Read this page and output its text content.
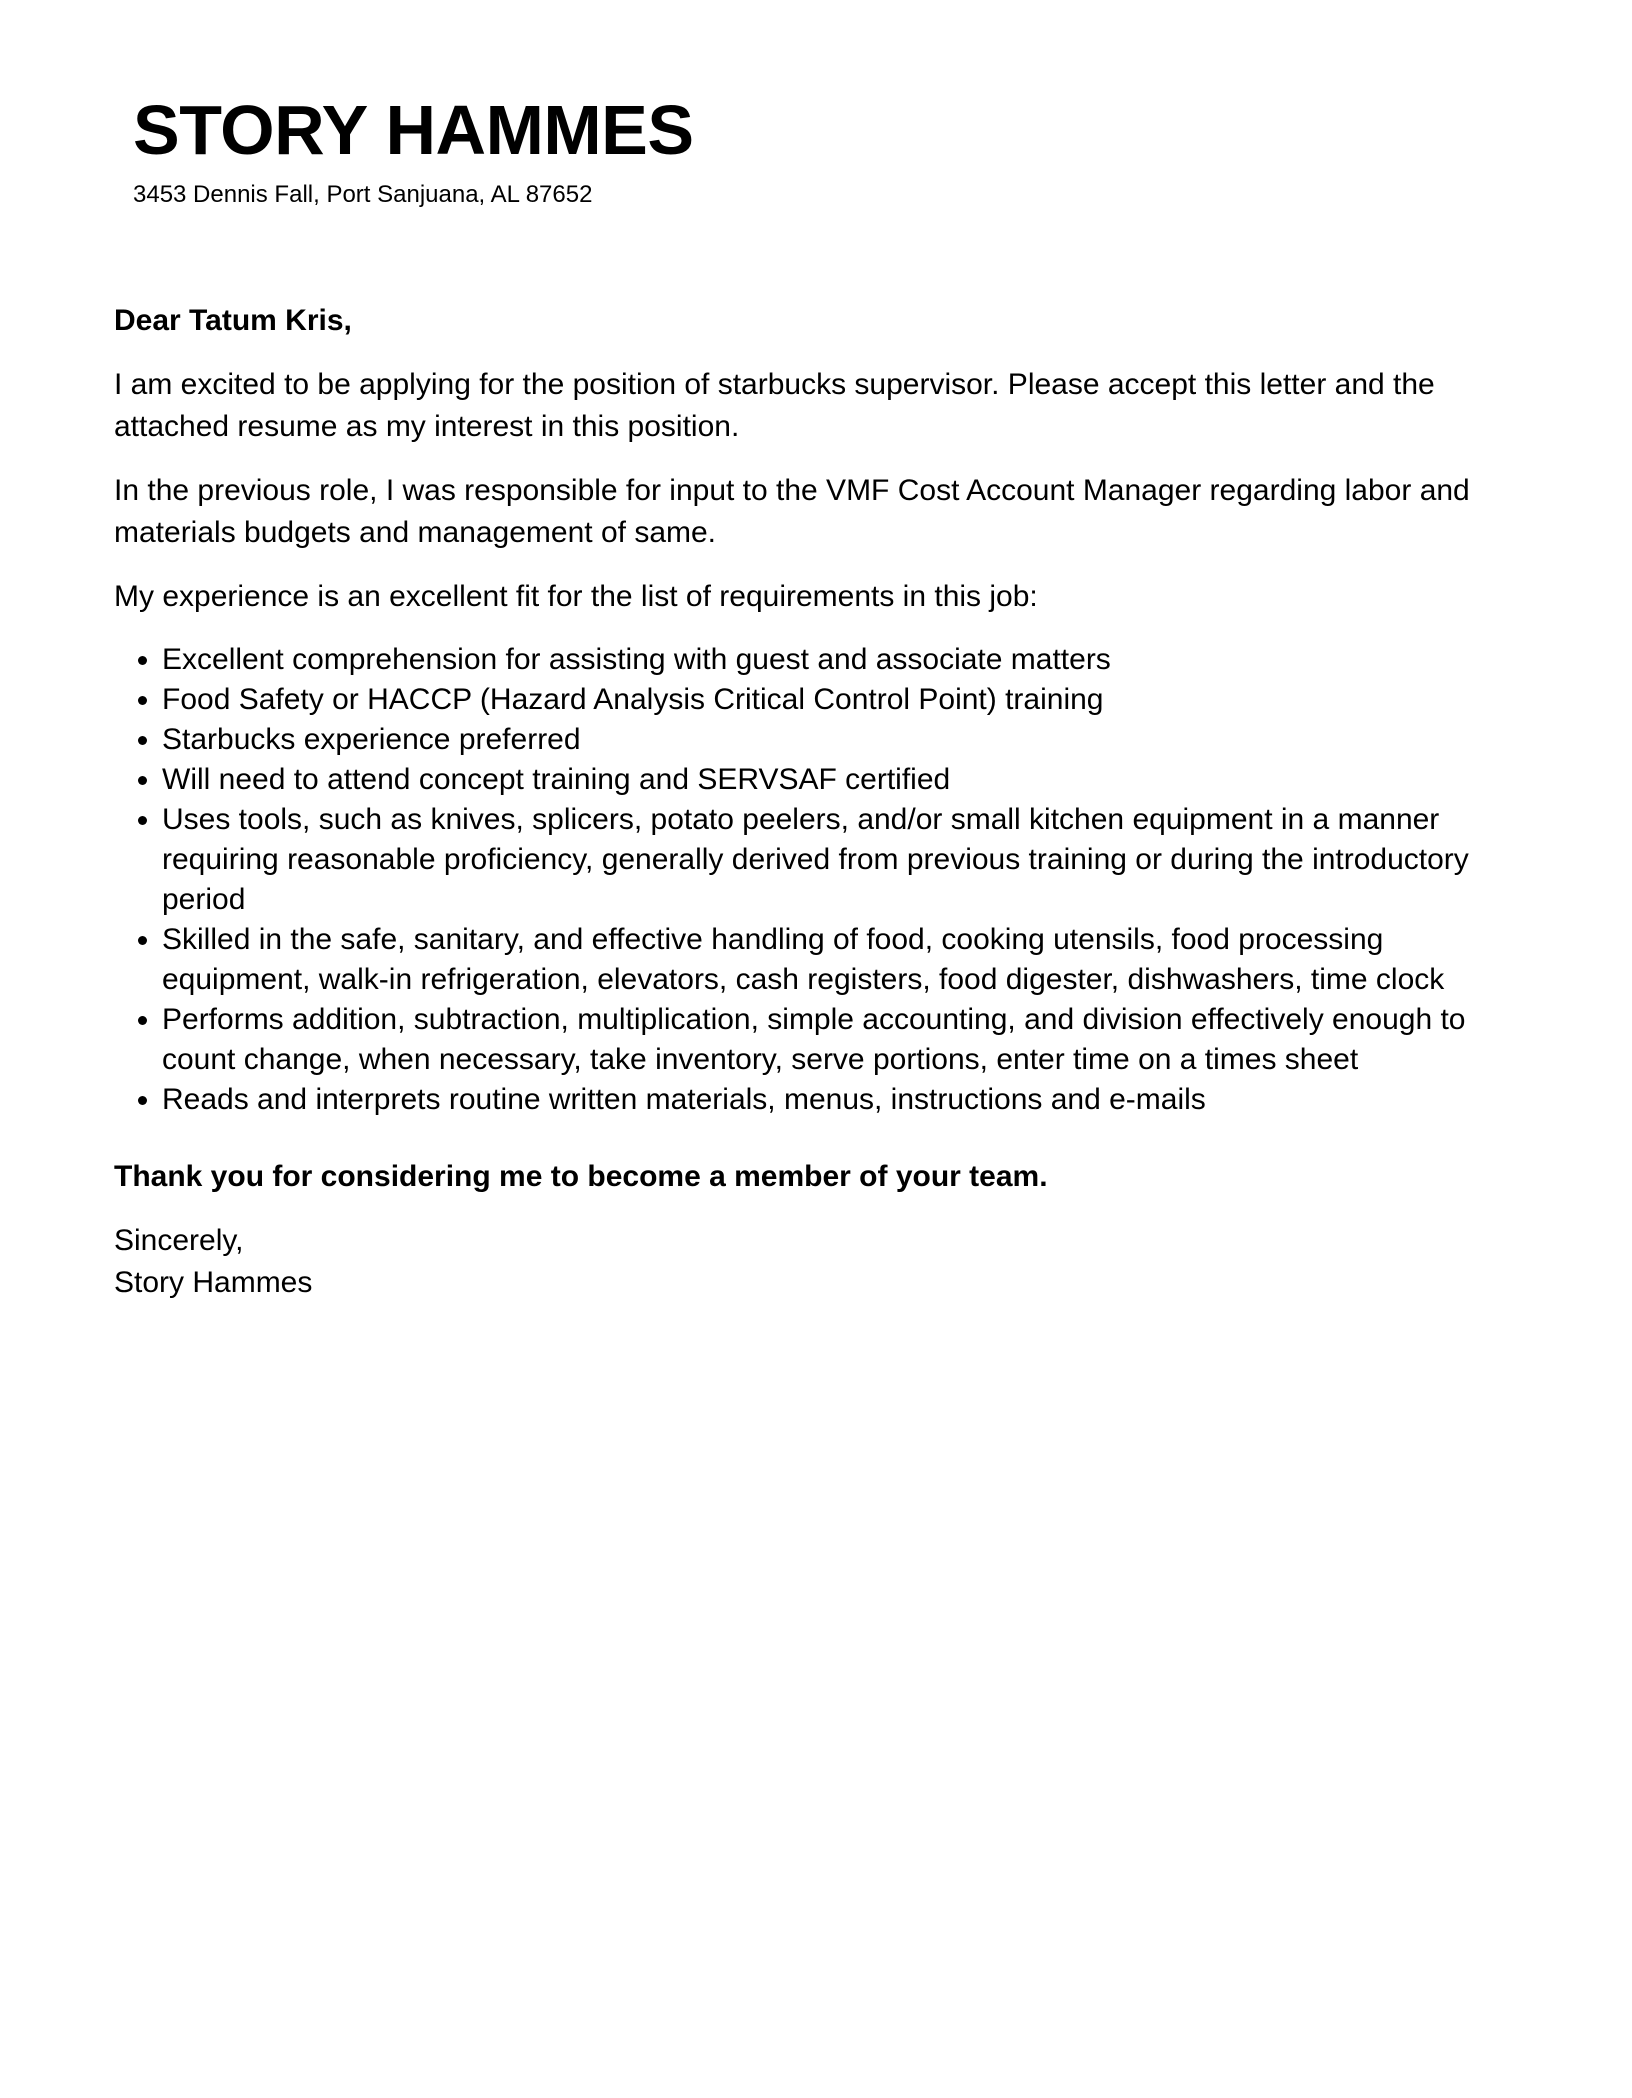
STORY HAMMES
3453 Dennis Fall, Port Sanjuana, AL 87652

Dear Tatum Kris,

I am excited to be applying for the position of starbucks supervisor. Please accept this letter and the attached resume as my interest in this position.

In the previous role, I was responsible for input to the VMF Cost Account Manager regarding labor and materials budgets and management of same.

My experience is an excellent fit for the list of requirements in this job:

• Excellent comprehension for assisting with guest and associate matters
• Food Safety or HACCP (Hazard Analysis Critical Control Point) training
• Starbucks experience preferred
• Will need to attend concept training and SERVSAF certified
• Uses tools, such as knives, splicers, potato peelers, and/or small kitchen equipment in a manner requiring reasonable proficiency, generally derived from previous training or during the introductory period
• Skilled in the safe, sanitary, and effective handling of food, cooking utensils, food processing equipment, walk-in refrigeration, elevators, cash registers, food digester, dishwashers, time clock
• Performs addition, subtraction, multiplication, simple accounting, and division effectively enough to count change, when necessary, take inventory, serve portions, enter time on a times sheet
• Reads and interprets routine written materials, menus, instructions and e-mails

Thank you for considering me to become a member of your team.

Sincerely,

Story Hammes
